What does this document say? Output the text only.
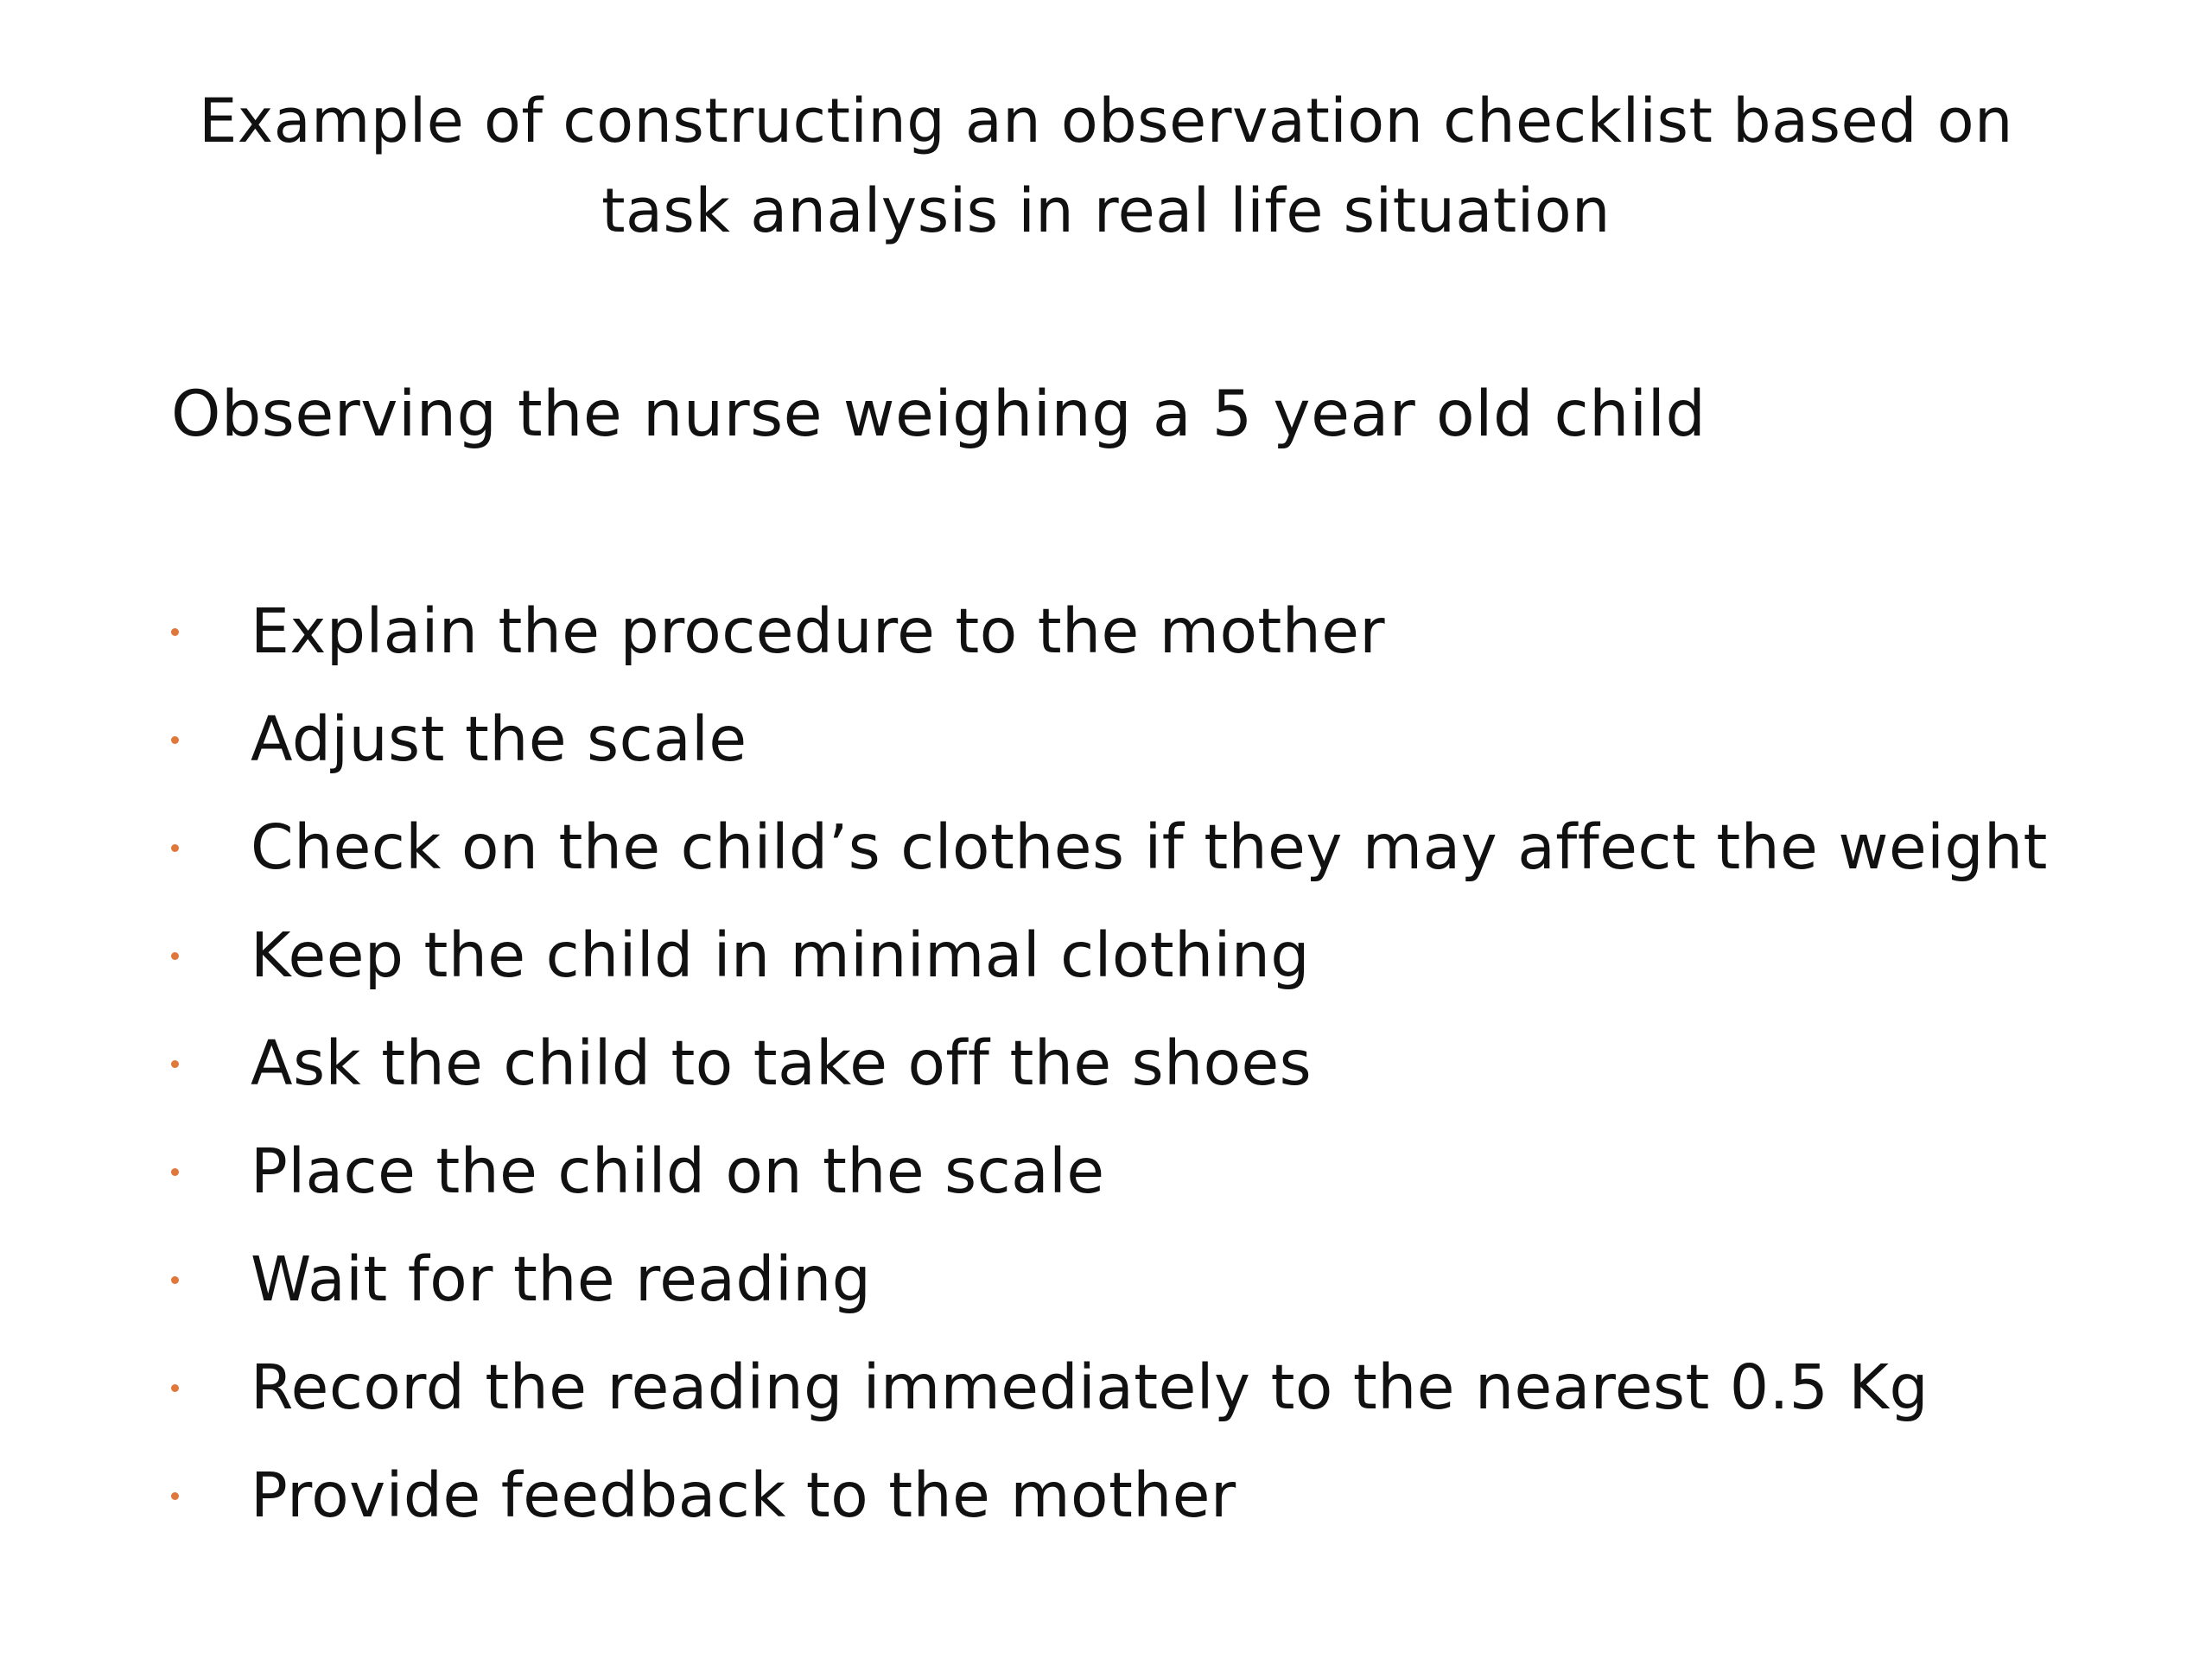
Example of constructing an observation checklist based on task analysis in real life situation

Observing the nurse weighing a 5 year old child

Explain the procedure to the mother
Adjust the scale
Check on the child’s clothes if they may affect the weight
Keep the child in minimal clothing
Ask the child to take off the shoes
Place the child on the scale
Wait for the reading
Record the reading immediately to the nearest 0.5 Kg
Provide feedback to the mother
